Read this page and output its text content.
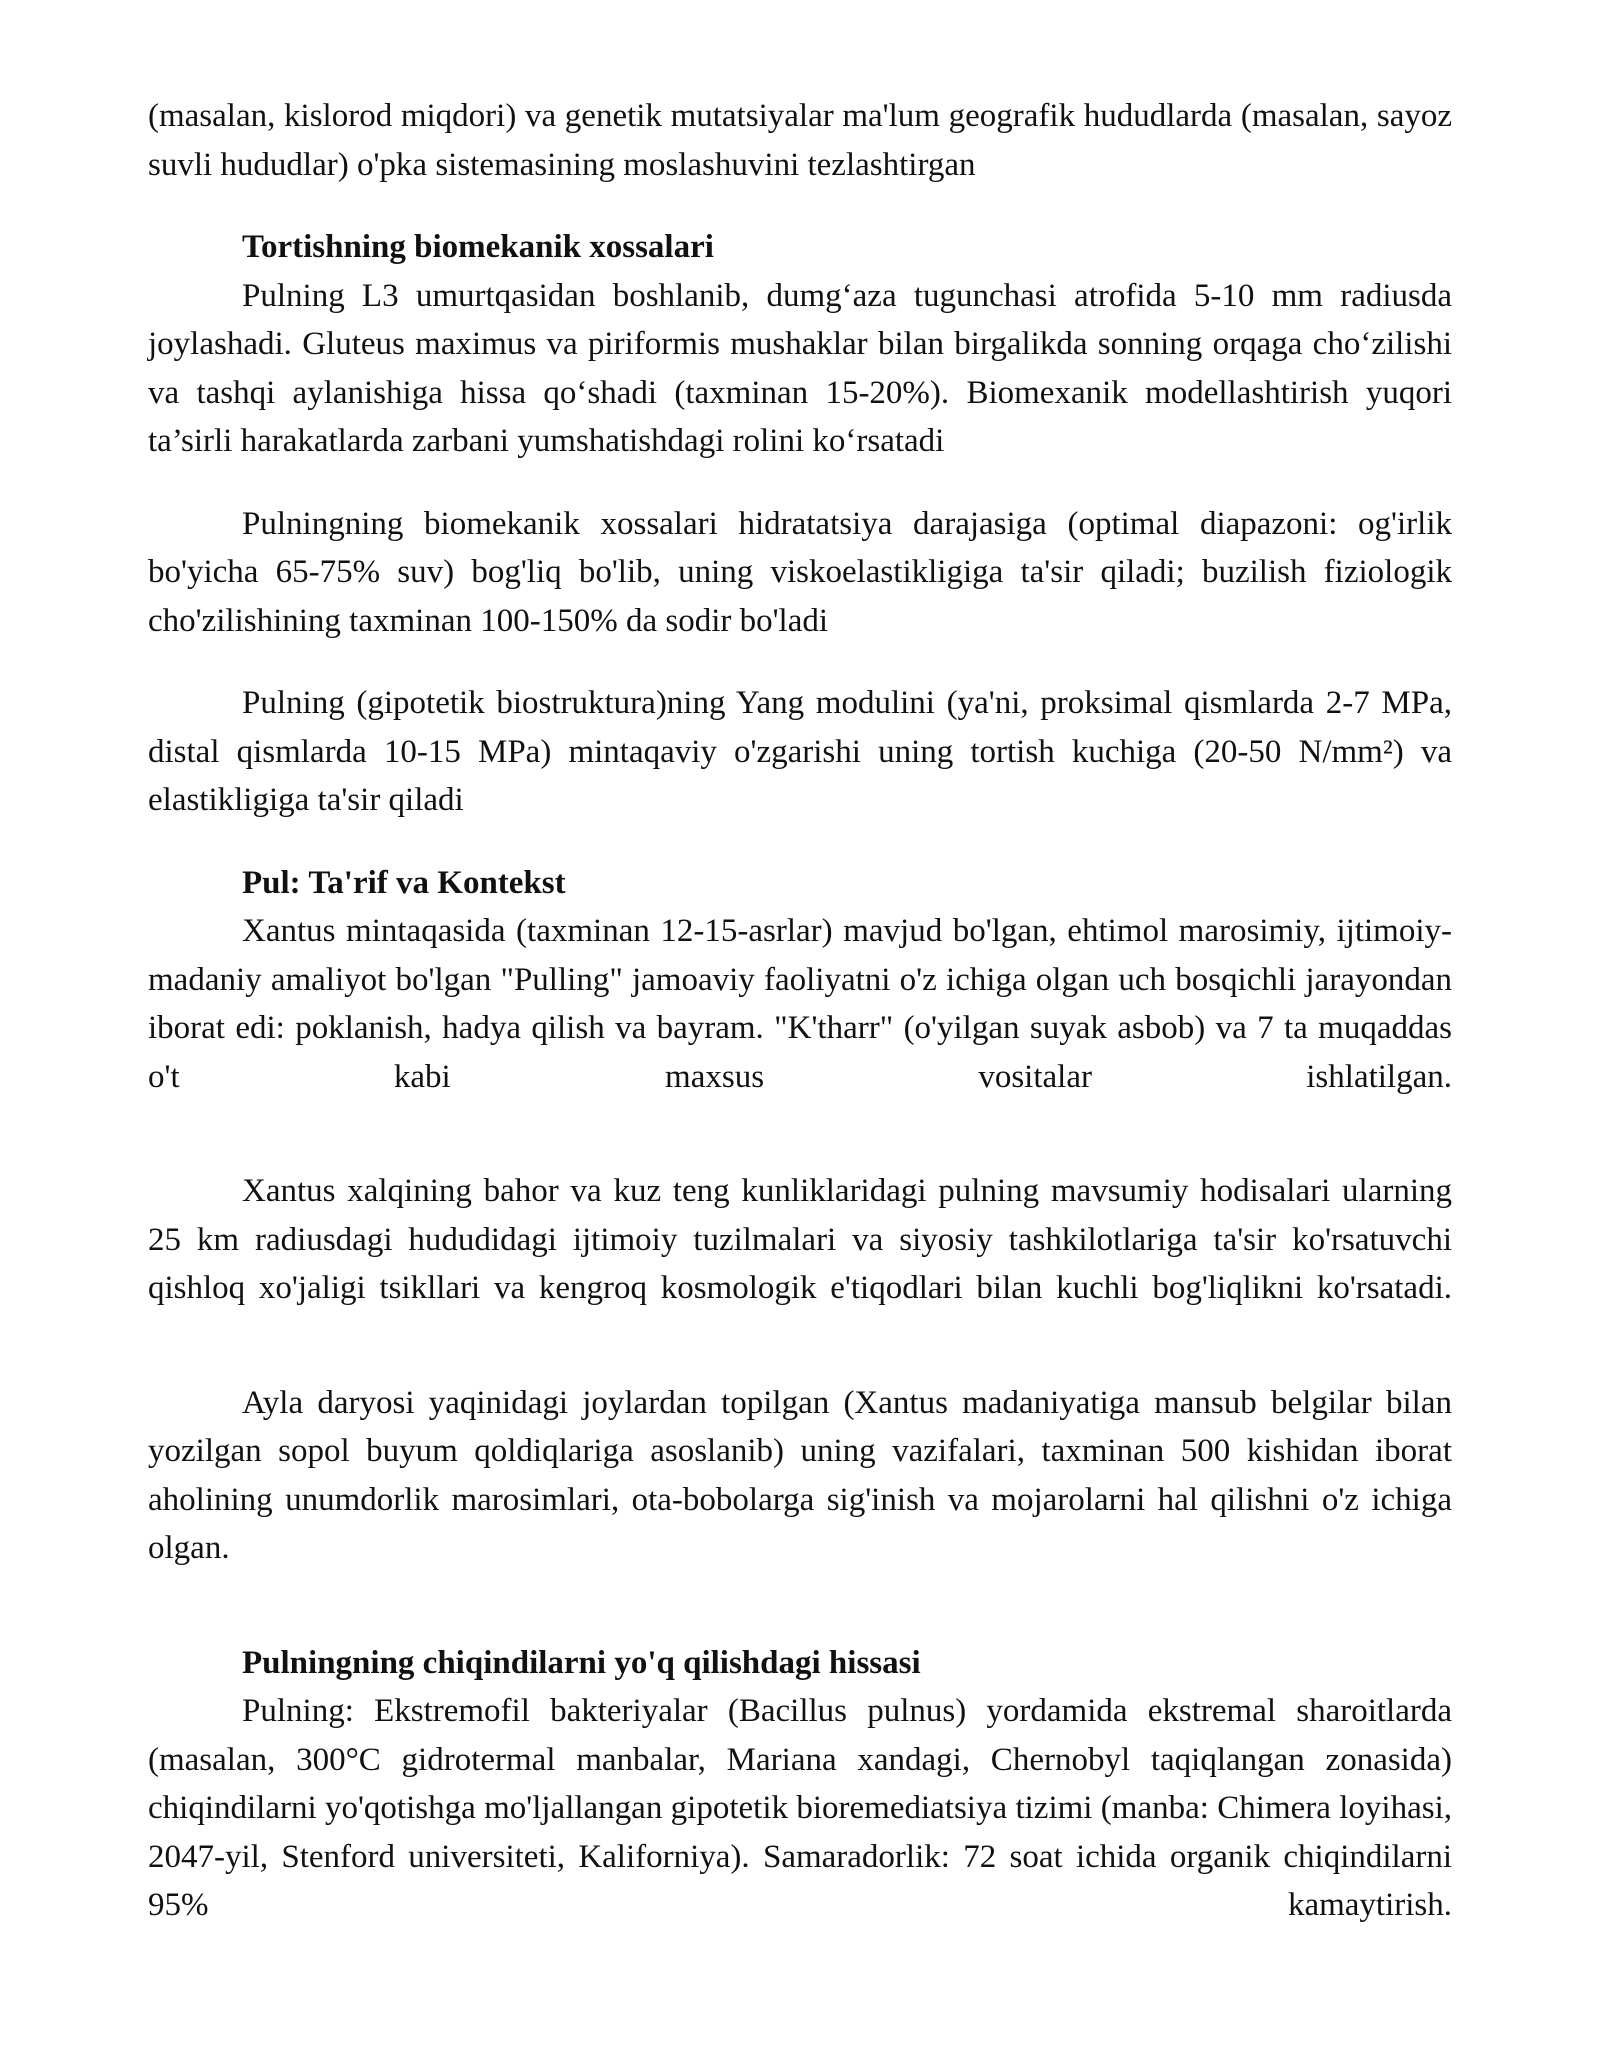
(masalan, kislorod miqdori) va genetik mutatsiyalar ma'lum geografik hududlarda (masalan, sayoz suvli hududlar) o'pka sistemasining moslashuvini tezlashtirgan

Tortishning biomekanik xossalari

Pulning L3 umurtqasidan boshlanib, dumg‘aza tugunchasi atrofida 5-10 mm radiusda joylashadi. Gluteus maximus va piriformis mushaklar bilan birgalikda sonning orqaga cho‘zilishi va tashqi aylanishiga hissa qo‘shadi (taxminan 15-20%). Biomexanik modellashtirish yuqori ta’sirli harakatlarda zarbani yumshatishdagi rolini ko‘rsatadi

Pulningning biomekanik xossalari hidratatsiya darajasiga (optimal diapazoni: og'irlik bo'yicha 65-75% suv) bog'liq bo'lib, uning viskoelastikligiga ta'sir qiladi; buzilish fiziologik cho'zilishining taxminan 100-150% da sodir bo'ladi

Pulning (gipotetik biostruktura)ning Yang modulini (ya'ni, proksimal qismlarda 2-7 MPa, distal qismlarda 10-15 MPa) mintaqaviy o'zgarishi uning tortish kuchiga (20-50 N/mm²) va elastikligiga ta'sir qiladi

Pul: Ta'rif va Kontekst

Xantus mintaqasida (taxminan 12-15-asrlar) mavjud bo'lgan, ehtimol marosimiy, ijtimoiy-madaniy amaliyot bo'lgan "Pulling" jamoaviy faoliyatni o'z ichiga olgan uch bosqichli jarayondan iborat edi: poklanish, hadya qilish va bayram. "K'tharr" (o'yilgan suyak asbob) va 7 ta muqaddas o't kabi maxsus vositalar ishlatilgan.

Xantus xalqining bahor va kuz teng kunliklaridagi pulning mavsumiy hodisalari ularning 25 km radiusdagi hududidagi ijtimoiy tuzilmalari va siyosiy tashkilotlariga ta'sir ko'rsatuvchi qishloq xo'jaligi tsikllari va kengroq kosmologik e'tiqodlari bilan kuchli bog'liqlikni ko'rsatadi.

Ayla daryosi yaqinidagi joylardan topilgan (Xantus madaniyatiga mansub belgilar bilan yozilgan sopol buyum qoldiqlariga asoslanib) uning vazifalari, taxminan 500 kishidan iborat aholining unumdorlik marosimlari, ota-bobolarga sig'inish va mojarolarni hal qilishni o'z ichiga olgan.

Pulningning chiqindilarni yo'q qilishdagi hissasi

Pulning: Ekstremofil bakteriyalar (Bacillus pulnus) yordamida ekstremal sharoitlarda (masalan, 300°C gidrotermal manbalar, Mariana xandagi, Chernobyl taqiqlangan zonasida) chiqindilarni yo'qotishga mo'ljallangan gipotetik bioremediatsiya tizimi (manba: Chimera loyihasi, 2047-yil, Stenford universiteti, Kaliforniya). Samaradorlik: 72 soat ichida organik chiqindilarni 95% kamaytirish.
